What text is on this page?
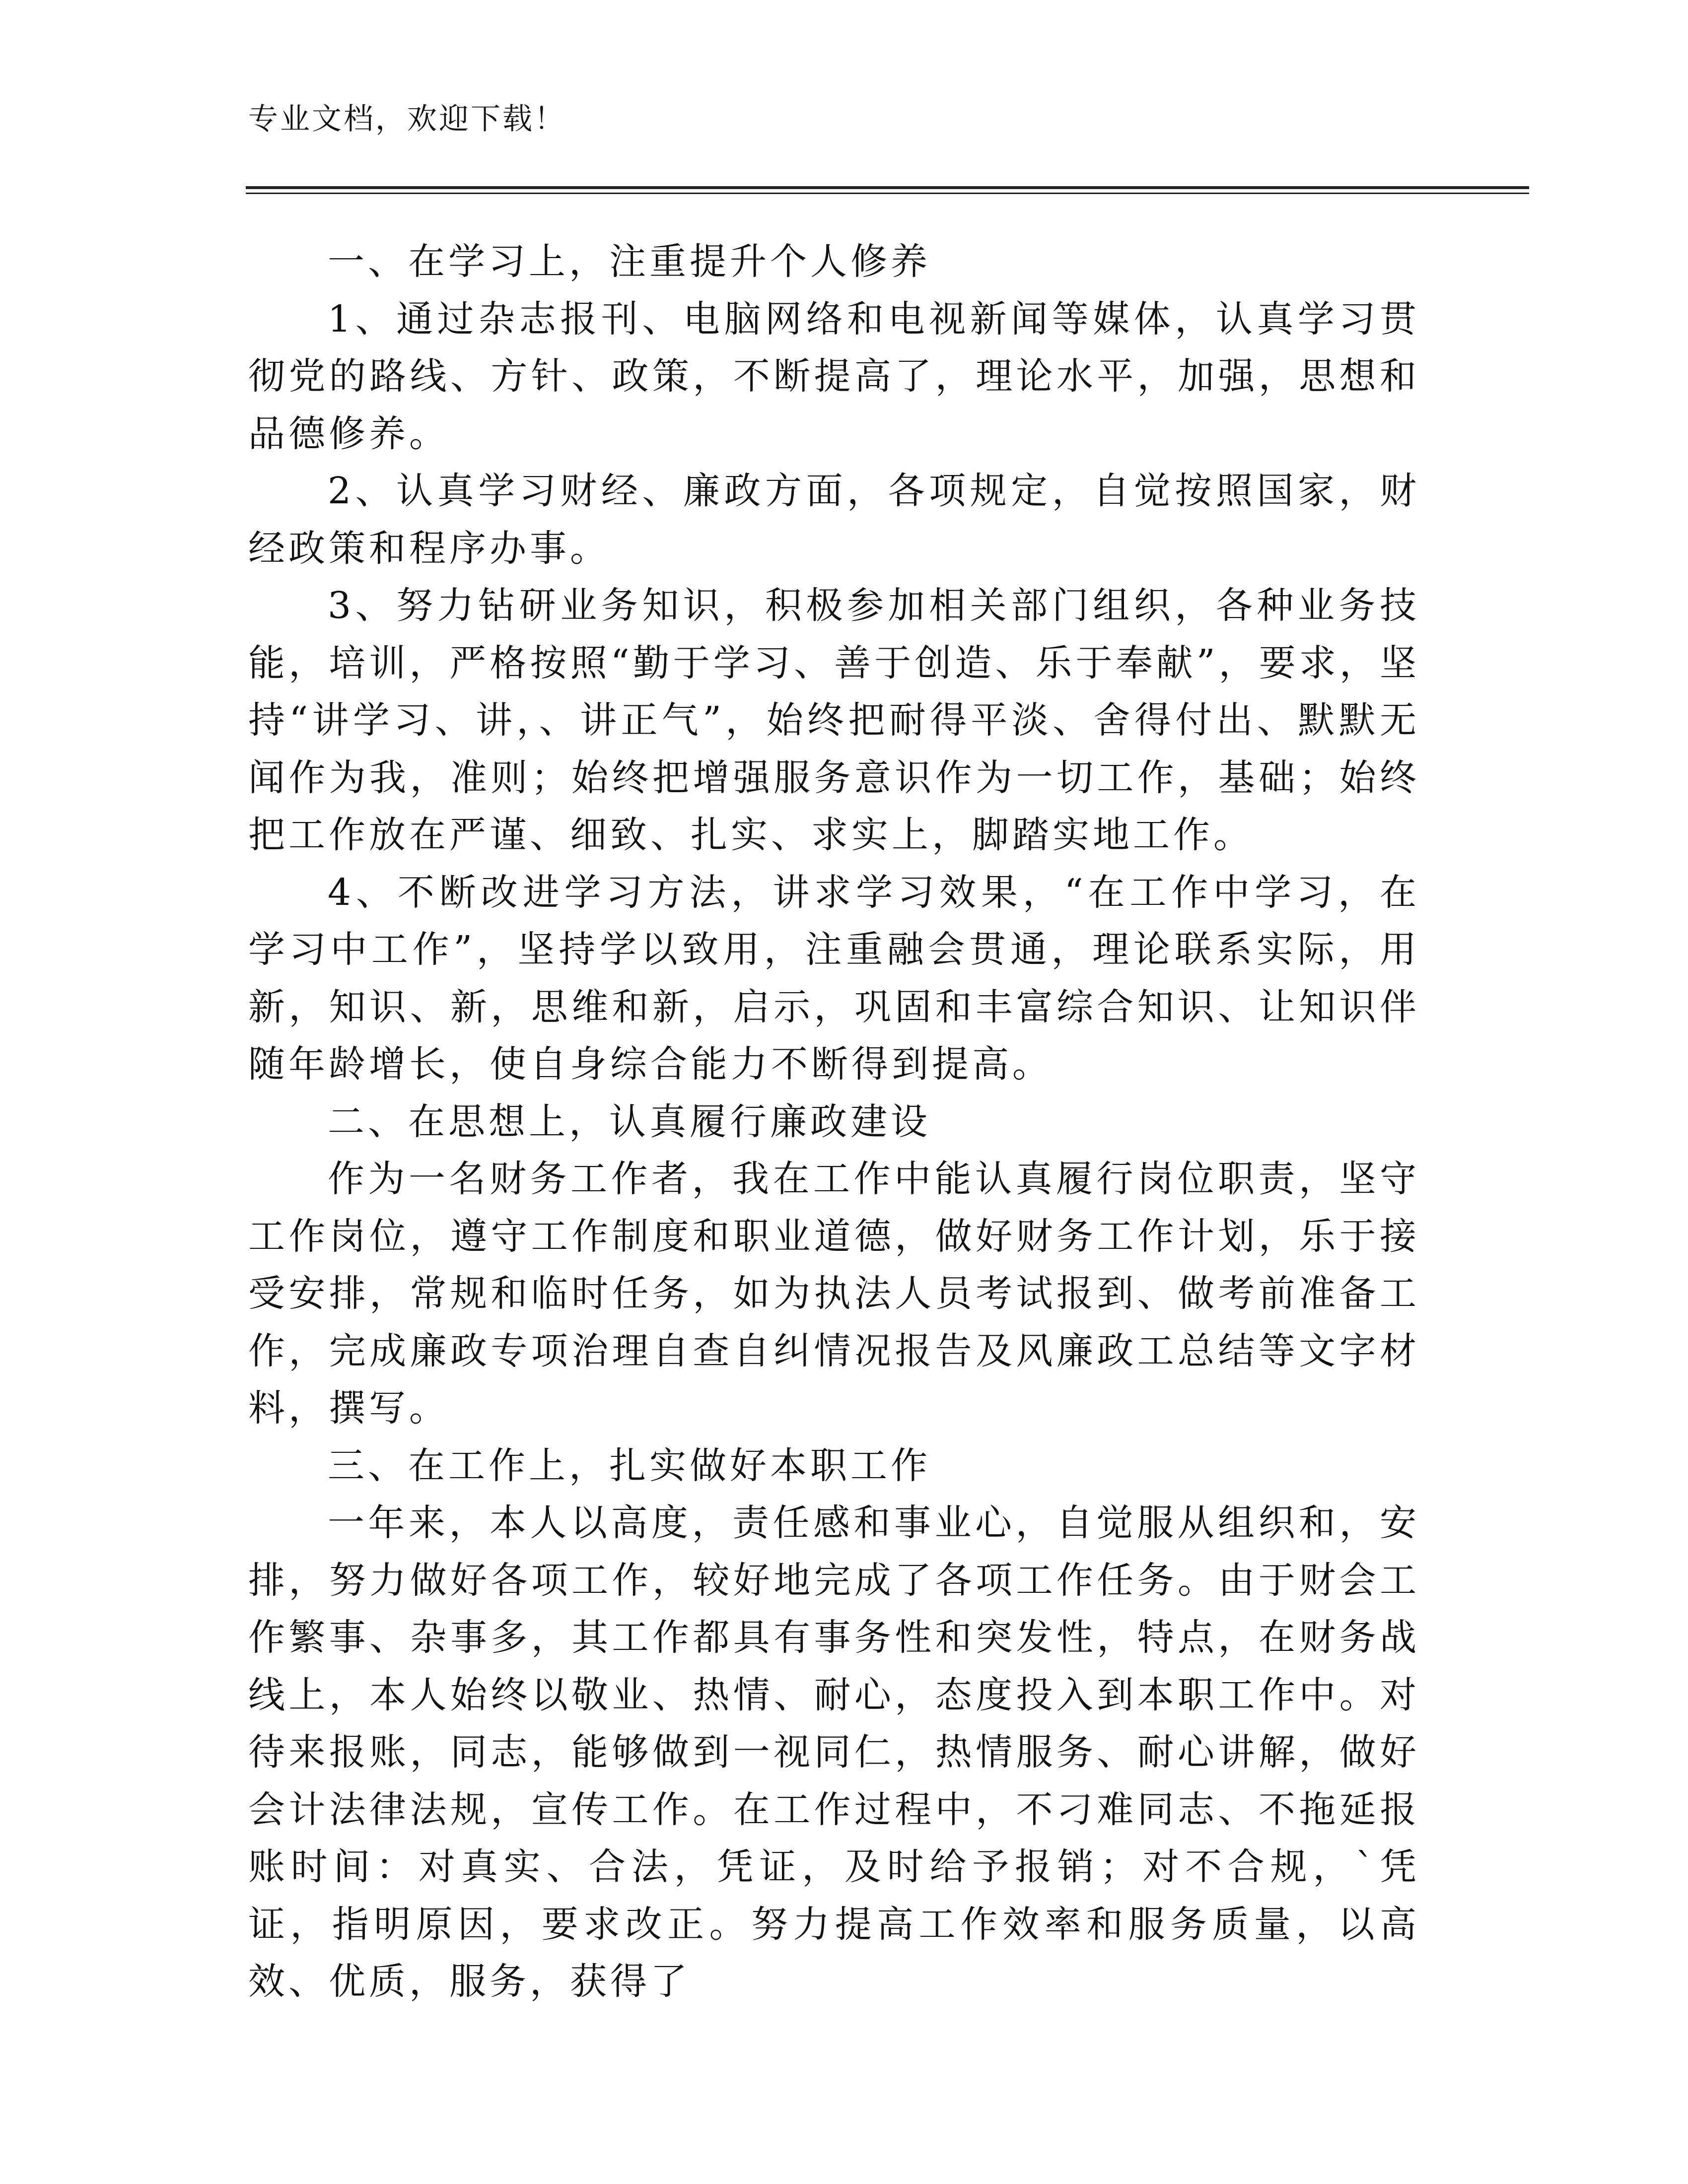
专业文档，欢迎下载！

一、在学习上，注重提升个人修养

1、通过杂志报刊、电脑网络和电视新闻等媒体，认真学习贯彻党的路线、方针、政策，不断提高了，理论水平，加强，思想和品德修养。

2、认真学习财经、廉政方面，各项规定，自觉按照国家，财经政策和程序办事。

3、努力钻研业务知识，积极参加相关部门组织，各种业务技能，培训，严格按照“勤于学习、善于创造、乐于奉献”，要求，坚持“讲学习、讲，、讲正气”，始终把耐得平淡、舍得付出、默默无闻作为我，准则；始终把增强服务意识作为一切工作，基础；始终把工作放在严谨、细致、扎实、求实上，脚踏实地工作。

4、不断改进学习方法，讲求学习效果，“在工作中学习，在学习中工作”，坚持学以致用，注重融会贯通，理论联系实际，用新，知识、新，思维和新，启示，巩固和丰富综合知识、让知识伴随年龄增长，使自身综合能力不断得到提高。

二、在思想上，认真履行廉政建设

作为一名财务工作者，我在工作中能认真履行岗位职责，坚守工作岗位，遵守工作制度和职业道德，做好财务工作计划，乐于接受安排，常规和临时任务，如为执法人员考试报到、做考前准备工作，完成廉政专项治理自查自纠情况报告及风廉政工总结等文字材料，撰写。

三、在工作上，扎实做好本职工作

一年来，本人以高度，责任感和事业心，自觉服从组织和，安排，努力做好各项工作，较好地完成了各项工作任务。由于财会工作繁事、杂事多，其工作都具有事务性和突发性，特点，在财务战线上，本人始终以敬业、热情、耐心，态度投入到本职工作中。对待来报账，同志，能够做到一视同仁，热情服务、耐心讲解，做好会计法律法规，宣传工作。在工作过程中，不刁难同志、不拖延报账时间：对真实、合法，凭证，及时给予报销；对不合规，`凭证，指明原因，要求改正。努力提高工作效率和服务质量，以高效、优质，服务，获得了
